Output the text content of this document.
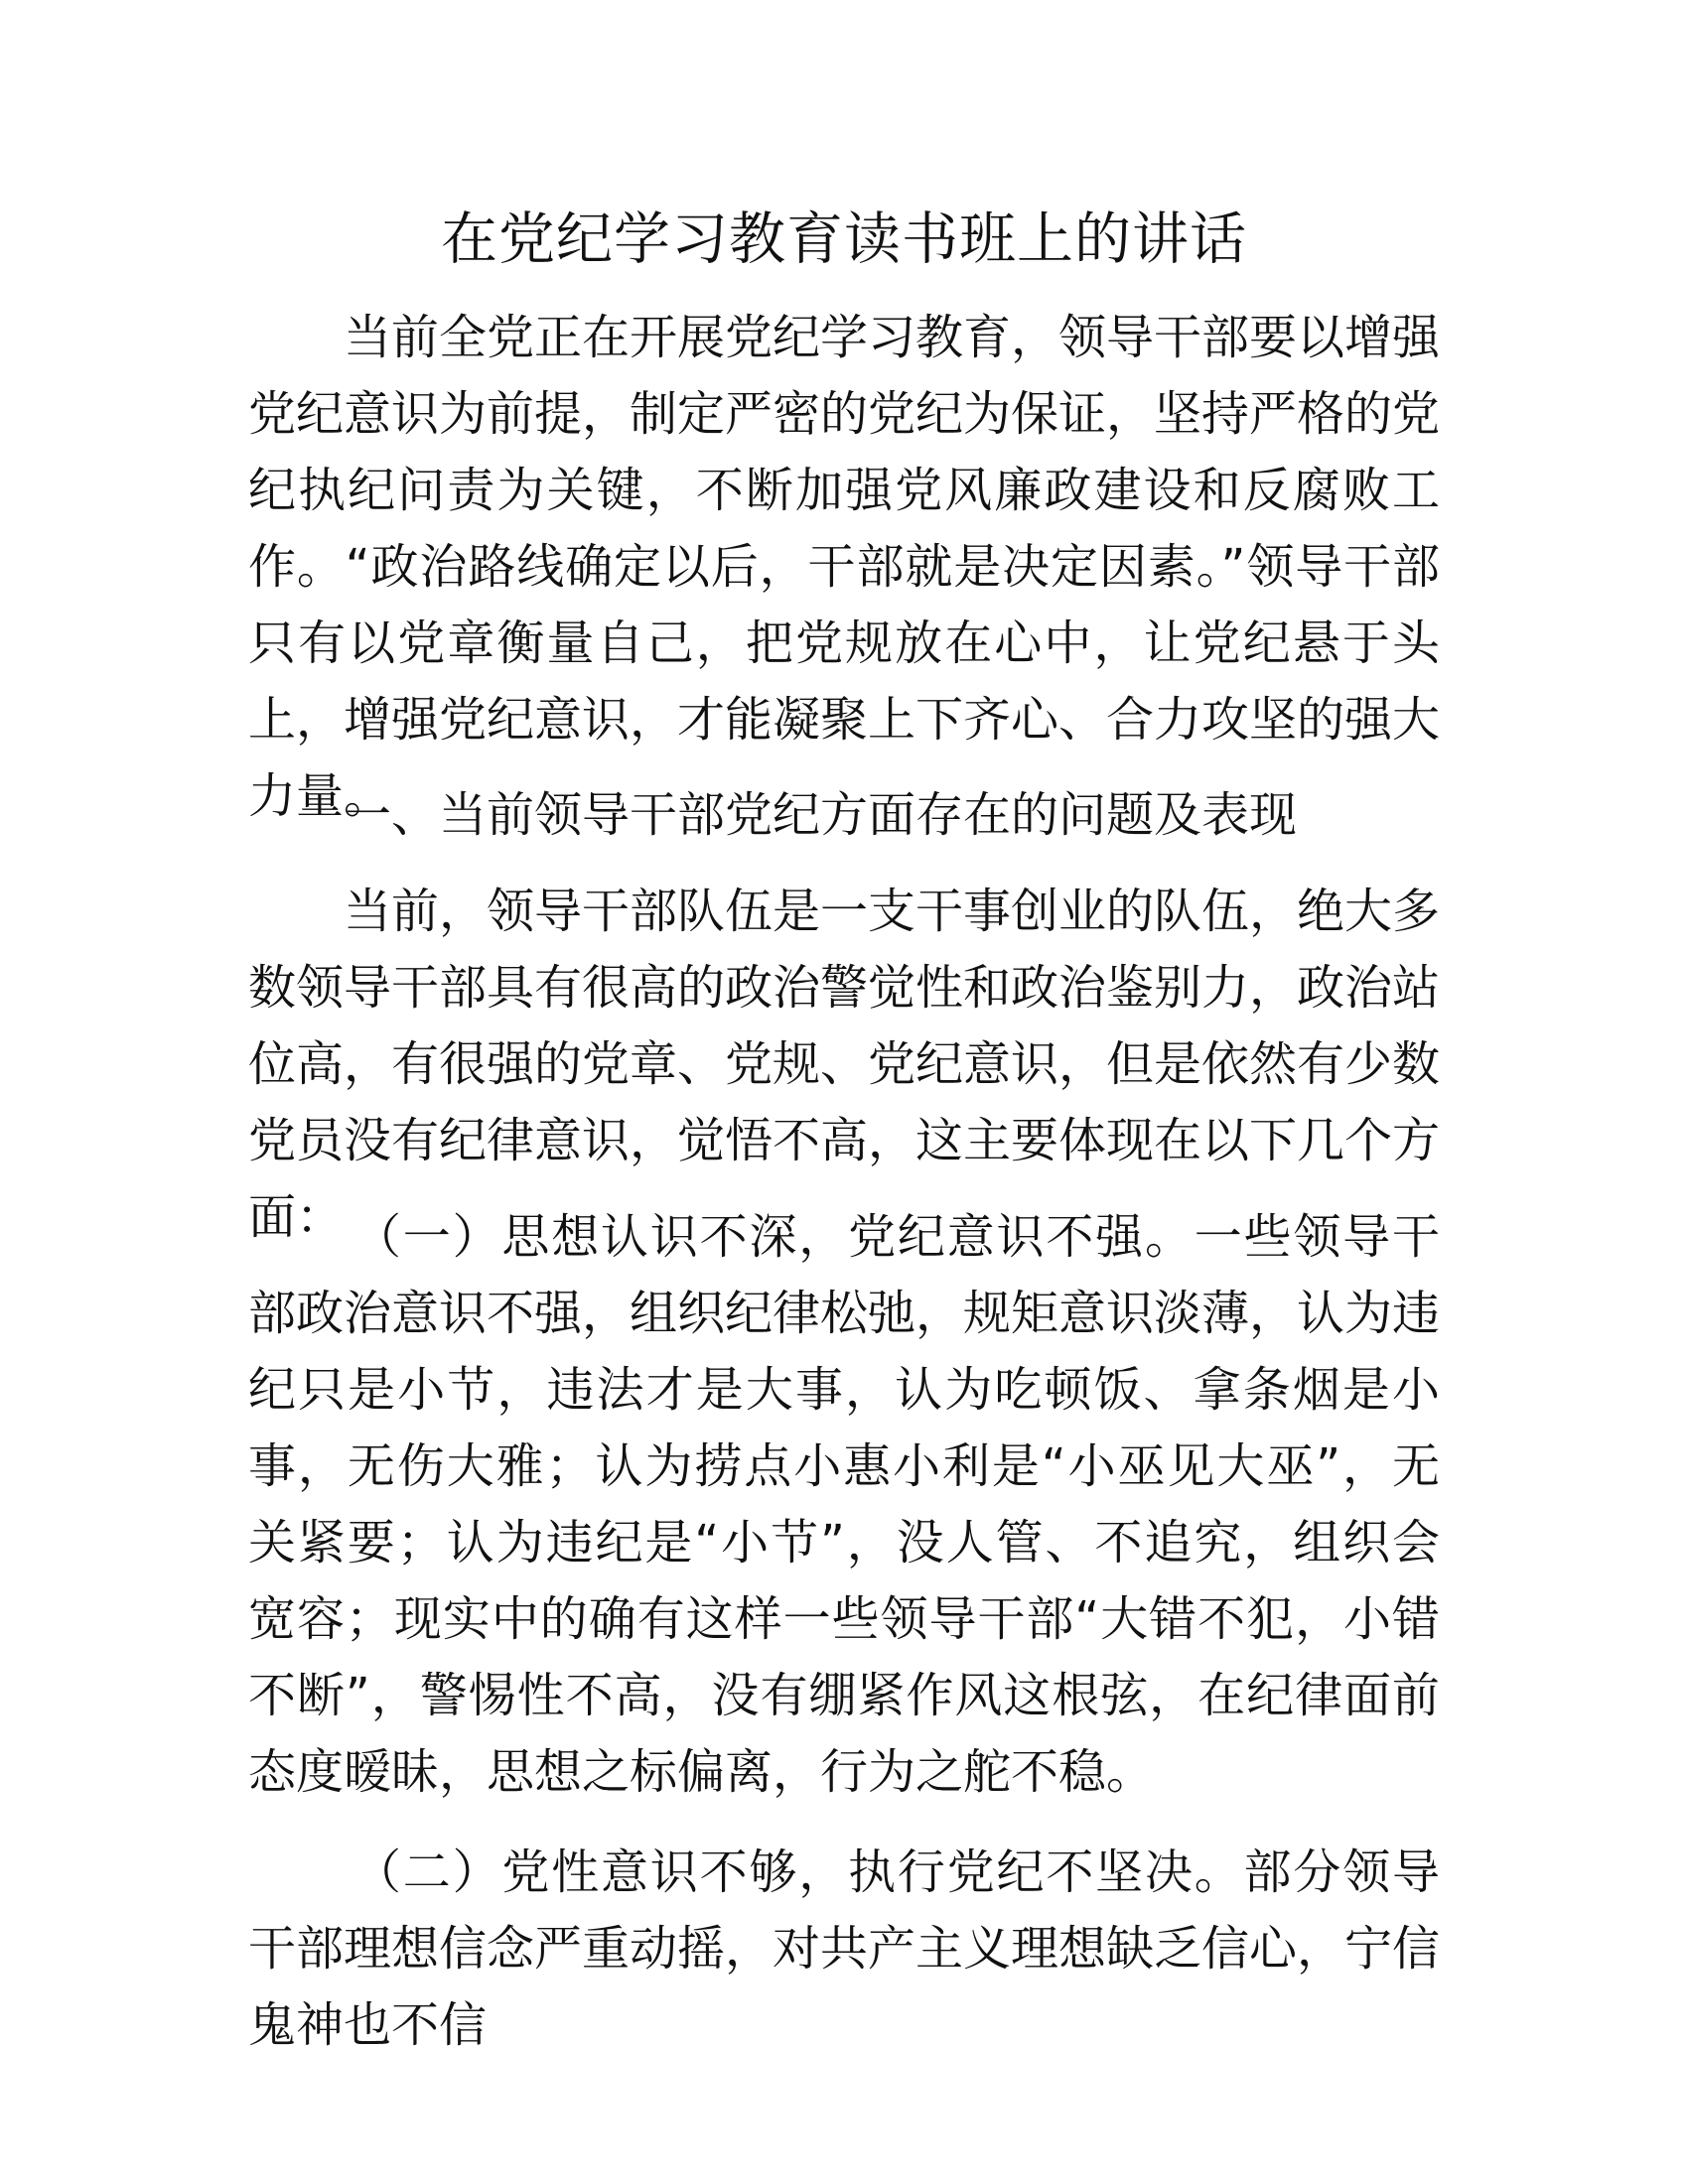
在党纪学习教育读书班上的讲话

当前全党正在开展党纪学习教育，领导干部要以增强党纪意识为前提，制定严密的党纪为保证，坚持严格的党纪执纪问责为关键，不断加强党风廉政建设和反腐败工作。“政治路线确定以后，干部就是决定因素。”领导干部只有以党章衡量自己，把党规放在心中，让党纪悬于头上，增强党纪意识，才能凝聚上下齐心、合力攻坚的强大力量。

一、当前领导干部党纪方面存在的问题及表现

当前，领导干部队伍是一支干事创业的队伍，绝大多数领导干部具有很高的政治警觉性和政治鉴别力，政治站位高，有很强的党章、党规、党纪意识，但是依然有少数党员没有纪律意识，觉悟不高，这主要体现在以下几个方面： （一）思想认识不深，党纪意识不强。一些领导干部政治意识不强，组织纪律松弛，规矩意识淡薄，认为违纪只是小节，违法才是大事，认为吃顿饭、拿条烟是小事，无伤大雅；认为捞点小惠小利是“小巫见大巫”，无关紧要；认为违纪是“小节”，没人管、不追究，组织会宽容；现实中的确有这样一些领导干部“大错不犯，小错不断”，警惕性不高，没有绷紧作风这根弦，在纪律面前态度暧昧，思想之标偏离，行为之舵不稳。

（二）党性意识不够，执行党纪不坚决。部分领导干部理想信念严重动摇，对共产主义理想缺乏信心，宁信鬼神也不信
